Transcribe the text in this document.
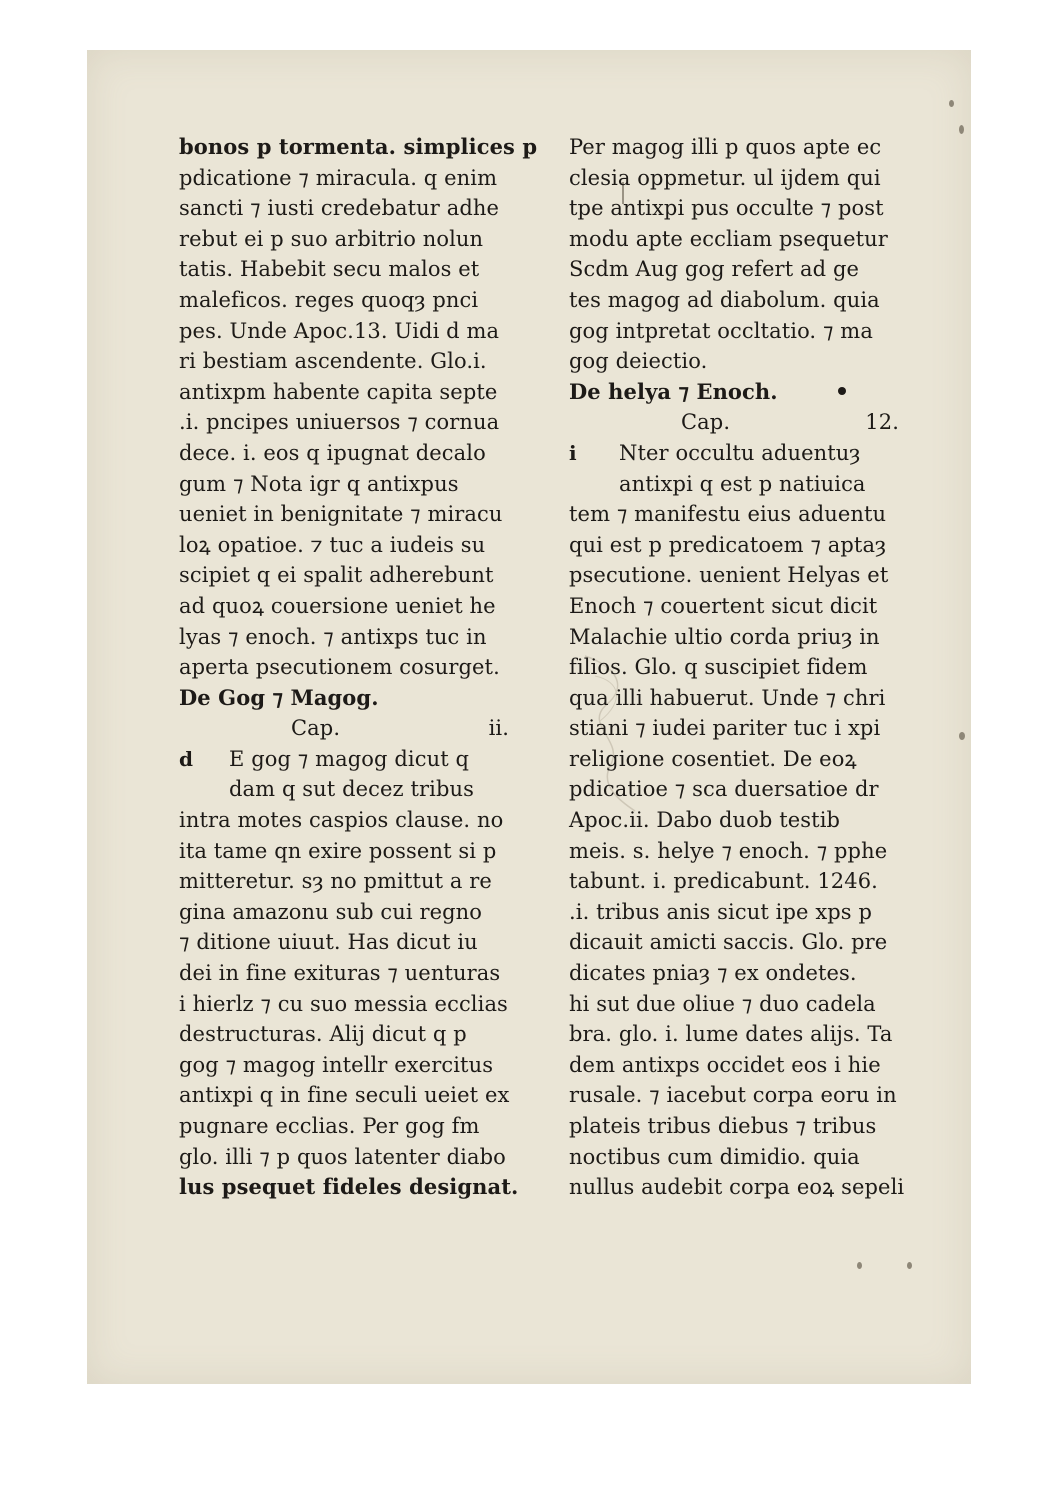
bonos p tormenta. simplices p
pdicatione ⁊ miracula. q enim
sancti ⁊ iusti credebatur adhe
rebut ei p suo arbitrio nolun
tatis. Habebit secu malos et
maleficos. reges quoqȝ pnci
pes. Unde Apoc.13. Uidi d ma
ri bestiam ascendente. Glo.i.
antixpm habente capita septe
.i. pncipes uniuersos ⁊ cornua
dece. i. eos q ipugnat decalo
gum ⁊ Nota igr q antixpus
ueniet in benignitate ⁊ miracu
loꝝ opatioe. ⁊ tuc a iudeis su
scipiet q ei spalit adherebunt
ad quoꝝ couersione ueniet he
lyas ⁊ enoch. ⁊ antixps tuc in
aperta psecutionem cosurget.
De Gog ⁊ Magog.
Cap.	ii.
d E gog ⁊ magog dicut q
dam q sut decez tribus
intra motes caspios clause. no
ita tame qn exire possent si p
mitteretur. sȝ no pmittut a re
gina amazonu sub cui regno
⁊ ditione uiuut. Has dicut iu
dei in fine exituras ⁊ uenturas
i hierlz ⁊ cu suo messia ecclias
destructuras. Alij dicut q p
gog ⁊ magog intellr exercitus
antixpi q in fine seculi ueiet ex
pugnare ecclias. Per gog fm
glo. illi ⁊ p quos latenter diabo
lus psequet fideles designat.
Per magog illi p quos apte ec
clesia oppmetur. ul ijdem qui
tpe antixpi pus occulte ⁊ post
modu apte eccliam psequetur
Scdm Aug gog refert ad ge
tes magog ad diabolum. quia
gog intpretat occltatio. ⁊ ma
gog deiectio.
De helya ⁊ Enoch.
Cap.	12.
i Nter occultu aduentuȝ
antixpi q est p natiuica
tem ⁊ manifestu eius aduentu
qui est p predicatoem ⁊ aptaȝ
psecutione. uenient Helyas et
Enoch ⁊ couertent sicut dicit
Malachie ultio corda priuȝ in
filios. Glo. q suscipiet fidem
qua illi habuerut. Unde ⁊ chri
stiani ⁊ iudei pariter tuc i xpi
religione cosentiet. De eoꝝ
pdicatioe ⁊ sca duersatioe dr
Apoc.ii. Dabo duob testib
meis. s. helye ⁊ enoch. ⁊ pphe
tabunt. i. predicabunt. 1246.
.i. tribus anis sicut ipe xps p
dicauit amicti saccis. Glo. pre
dicates pniaȝ ⁊ ex ondetes.
hi sut due oliue ⁊ duo cadela
bra. glo. i. lume dates alijs. Ta
dem antixps occidet eos i hie
rusale. ⁊ iacebut corpa eoru in
plateis tribus diebus ⁊ tribus
noctibus cum dimidio. quia
nullus audebit corpa eoꝝ sepeli
